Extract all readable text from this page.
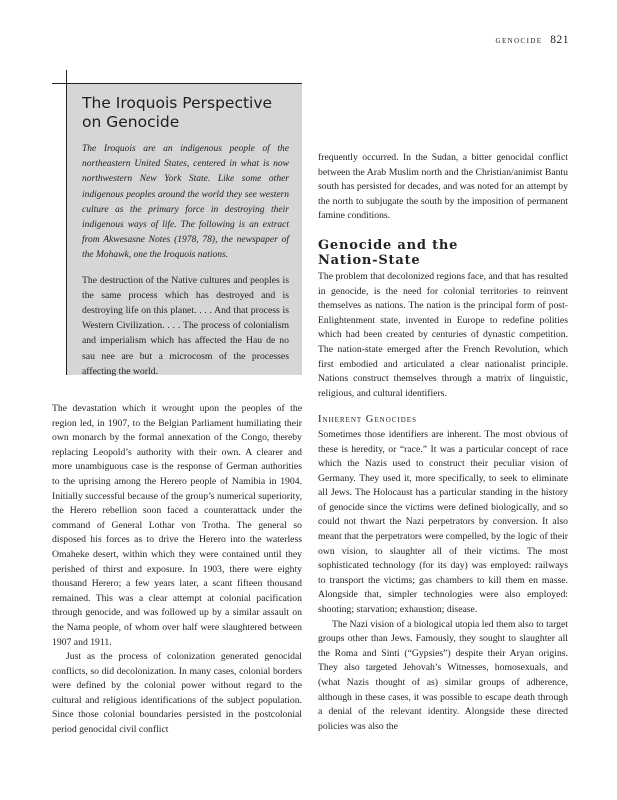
genocide 821
The Iroquois Perspective
on Genocide

The Iroquois are an indigenous people of the northeastern United States, centered in what is now northwestern New York State. Like some other indigenous peoples around the world they see western culture as the primary force in destroying their indigenous ways of life. The following is an extract from Akwesasne Notes (1978, 78), the newspaper of the Mohawk, one the Iroquois nations.

The destruction of the Native cultures and peoples is the same process which has destroyed and is destroying life on this planet. . . . And that process is Western Civilization. . . . The process of colonialism and imperialism which has affected the Hau de no sau nee are but a microcosm of the processes affecting the world.

The devastation which it wrought upon the peoples of the region led, in 1907, to the Belgian Parliament humiliating their own monarch by the formal annexation of the Congo, thereby replacing Leopold’s authority with their own. A clearer and more unambiguous case is the response of German authorities to the uprising among the Herero people of Namibia in 1904. Initially successful because of the group’s numerical superiority, the Herero rebellion soon faced a counterattack under the command of General Lothar von Trotha. The general so disposed his forces as to drive the Herero into the waterless Omaheke desert, within which they were contained until they perished of thirst and exposure. In 1903, there were eighty thousand Herero; a few years later, a scant fifteen thousand remained. This was a clear attempt at colonial pacification through genocide, and was followed up by a similar assault on the Nama people, of whom over half were slaughtered between 1907 and 1911.

Just as the process of colonization generated genocidal conflicts, so did decolonization. In many cases, colonial borders were defined by the colonial power without regard to the cultural and religious identifications of the subject population. Since those colonial boundaries persisted in the postcolonial period genocidal civil conflict

frequently occurred. In the Sudan, a bitter genocidal conflict between the Arab Muslim north and the Christian/animist Bantu south has persisted for decades, and was noted for an attempt by the north to subjugate the south by the imposition of permanent famine conditions.

Genocide and the
Nation-State

The problem that decolonized regions face, and that has resulted in genocide, is the need for colonial territories to reinvent themselves as nations. The nation is the principal form of post-Enlightenment state, invented in Europe to redefine polities which had been created by centuries of dynastic competition. The nation-state emerged after the French Revolution, which first embodied and articulated a clear nationalist principle. Nations construct themselves through a matrix of linguistic, religious, and cultural identifiers.

Inherent Genocides

Sometimes those identifiers are inherent. The most obvious of these is heredity, or “race.” It was a particular concept of race which the Nazis used to construct their peculiar vision of Germany. They used it, more specifically, to seek to eliminate all Jews. The Holocaust has a particular standing in the history of genocide since the victims were defined biologically, and so could not thwart the Nazi perpetrators by conversion. It also meant that the perpetrators were compelled, by the logic of their own vision, to slaughter all of their victims. The most sophisticated technology (for its day) was employed: railways to transport the victims; gas chambers to kill them en masse. Alongside that, simpler technologies were also employed: shooting; starvation; exhaustion; disease.

The Nazi vision of a biological utopia led them also to target groups other than Jews. Famously, they sought to slaughter all the Roma and Sinti (“Gypsies”) despite their Aryan origins. They also targeted Jehovah’s Witnesses, homosexuals, and (what Nazis thought of as) similar groups of adherence, although in these cases, it was possible to escape death through a denial of the relevant identity. Alongside these directed policies was also the
